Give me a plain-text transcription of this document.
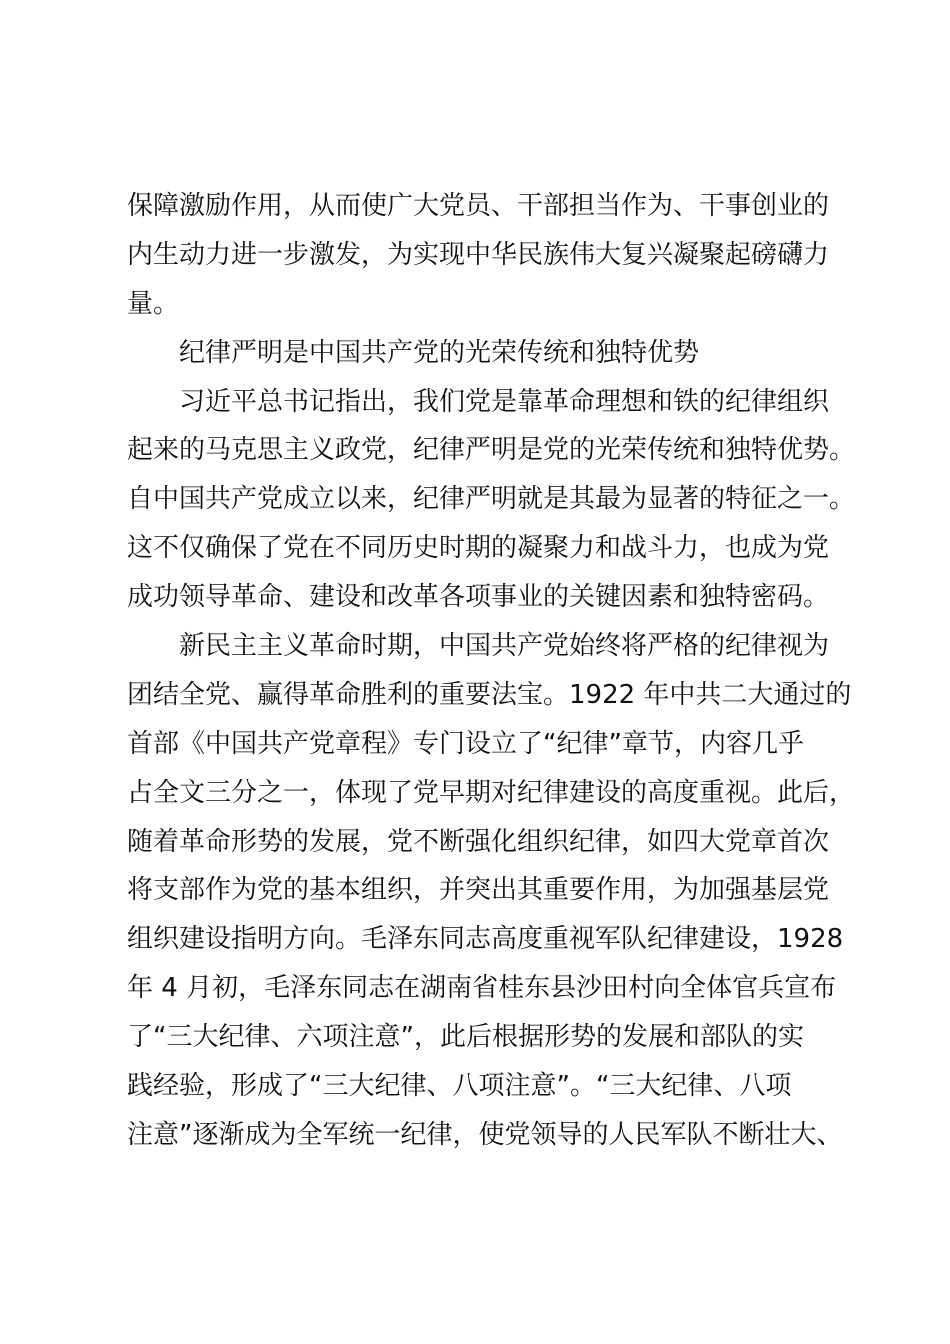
保障激励作用，从而使广大党员、干部担当作为、干事创业的
内生动力进一步激发，为实现中华民族伟大复兴凝聚起磅礴力
量。
纪律严明是中国共产党的光荣传统和独特优势
习近平总书记指出，我们党是靠革命理想和铁的纪律组织
起来的马克思主义政党，纪律严明是党的光荣传统和独特优势。
自中国共产党成立以来，纪律严明就是其最为显著的特征之一。
这不仅确保了党在不同历史时期的凝聚力和战斗力，也成为党
成功领导革命、建设和改革各项事业的关键因素和独特密码。
新民主主义革命时期，中国共产党始终将严格的纪律视为
团结全党、赢得革命胜利的重要法宝。1922 年中共二大通过的
首部《中国共产党章程》专门设立了“纪律”章节，内容几乎
占全文三分之一，体现了党早期对纪律建设的高度重视。此后，
随着革命形势的发展，党不断强化组织纪律，如四大党章首次
将支部作为党的基本组织，并突出其重要作用，为加强基层党
组织建设指明方向。毛泽东同志高度重视军队纪律建设，1928
年 4 月初，毛泽东同志在湖南省桂东县沙田村向全体官兵宣布
了“三大纪律、六项注意”，此后根据形势的发展和部队的实
践经验，形成了“三大纪律、八项注意”。“三大纪律、八项
注意”逐渐成为全军统一纪律，使党领导的人民军队不断壮大、
